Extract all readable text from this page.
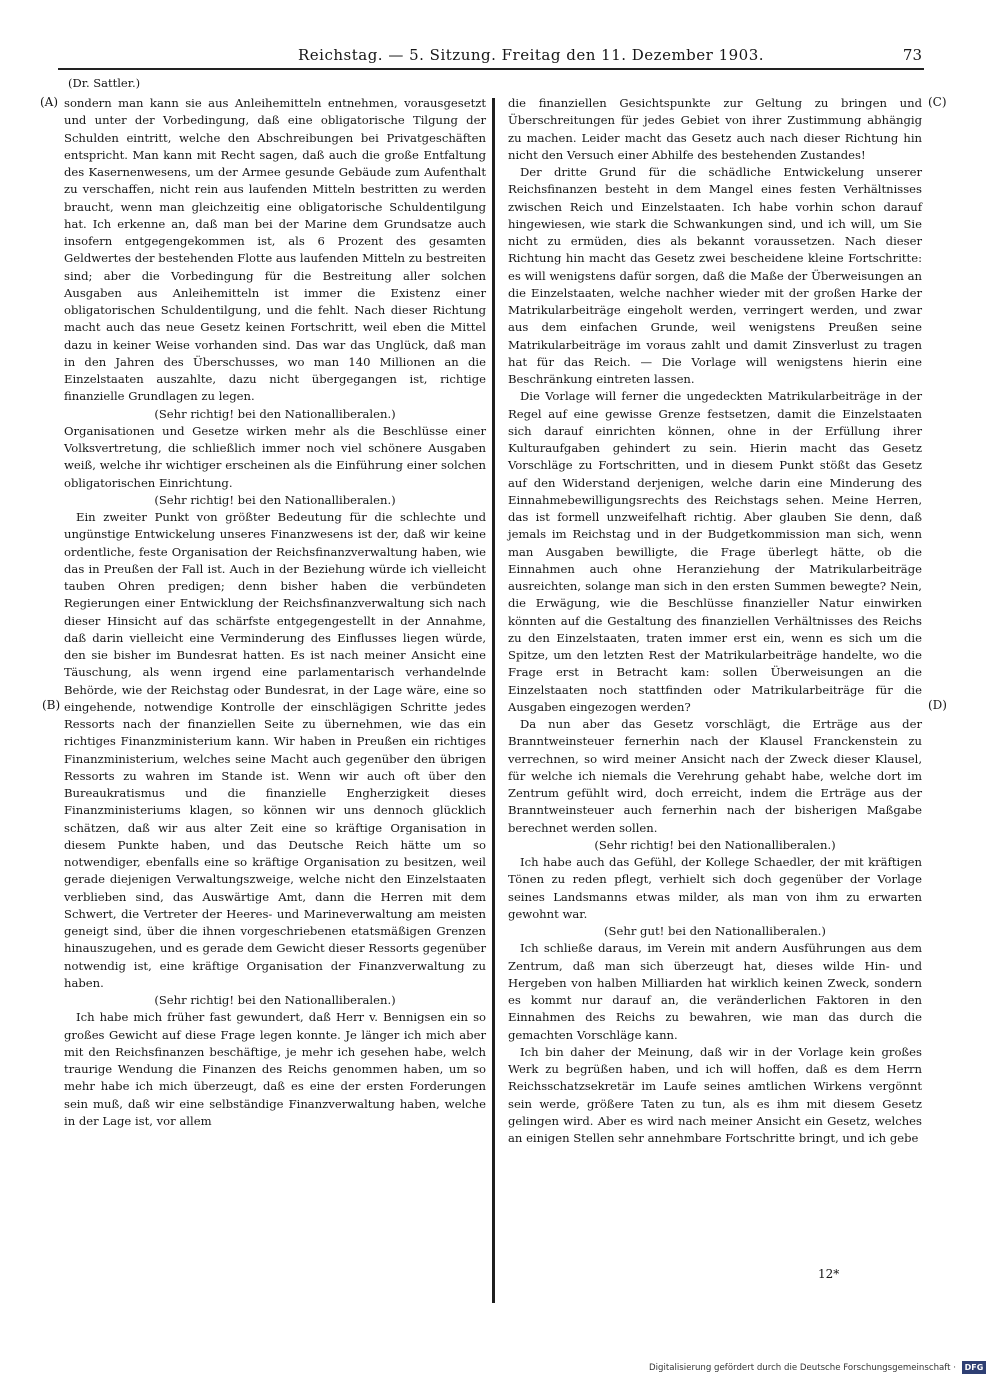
Reichstag. — 5. Sitzung. Freitag den 11. Dezember 1903.	73
(Dr. Sattler.)
(A)
(B)
(C)
(D)

sondern man kann sie aus Anleihemitteln entnehmen, vorausgesetzt und unter der Vorbedingung, daß eine obligatorische Tilgung der Schulden eintritt, welche den Abschreibungen bei Privatgeschäften entspricht. Man kann mit Recht sagen, daß auch die große Entfaltung des Kasernenwesens, um der Armee gesunde Gebäude zum Aufenthalt zu verschaffen, nicht rein aus laufenden Mitteln bestritten zu werden braucht, wenn man gleichzeitig eine obligatorische Schuldentilgung hat. Ich erkenne an, daß man bei der Marine dem Grundsatze auch insofern entgegengekommen ist, als 6 Prozent des gesamten Geldwertes der bestehenden Flotte aus laufenden Mitteln zu bestreiten sind; aber die Vorbedingung für die Bestreitung aller solchen Ausgaben aus Anleihemitteln ist immer die Existenz einer obligatorischen Schuldentilgung, und die fehlt. Nach dieser Richtung macht auch das neue Gesetz keinen Fortschritt, weil eben die Mittel dazu in keiner Weise vorhanden sind. Das war das Unglück, daß man in den Jahren des Überschusses, wo man 140 Millionen an die Einzelstaaten auszahlte, dazu nicht übergegangen ist, richtige finanzielle Grundlagen zu legen.

(Sehr richtig! bei den Nationalliberalen.)

Organisationen und Gesetze wirken mehr als die Beschlüsse einer Volksvertretung, die schließlich immer noch viel schönere Ausgaben weiß, welche ihr wichtiger erscheinen als die Einführung einer solchen obligatorischen Einrichtung.

(Sehr richtig! bei den Nationalliberalen.)

Ein zweiter Punkt von größter Bedeutung für die schlechte und ungünstige Entwickelung unseres Finanzwesens ist der, daß wir keine ordentliche, feste Organisation der Reichsfinanzverwaltung haben, wie das in Preußen der Fall ist. Auch in der Beziehung würde ich vielleicht tauben Ohren predigen; denn bisher haben die verbündeten Regierungen einer Entwicklung der Reichsfinanzverwaltung sich nach dieser Hinsicht auf das schärfste entgegengestellt in der Annahme, daß darin vielleicht eine Verminderung des Einflusses liegen würde, den sie bisher im Bundesrat hatten. Es ist nach meiner Ansicht eine Täuschung, als wenn irgend eine parlamentarisch verhandelnde Behörde, wie der Reichstag oder Bundesrat, in der Lage wäre, eine so eingehende, notwendige Kontrolle der einschlägigen Schritte jedes Ressorts nach der finanziellen Seite zu übernehmen, wie das ein richtiges Finanzministerium kann. Wir haben in Preußen ein richtiges Finanzministerium, welches seine Macht auch gegenüber den übrigen Ressorts zu wahren im Stande ist. Wenn wir auch oft über den Bureaukratismus und die finanzielle Engherzigkeit dieses Finanzministeriums klagen, so können wir uns dennoch glücklich schätzen, daß wir aus alter Zeit eine so kräftige Organisation in diesem Punkte haben, und das Deutsche Reich hätte um so notwendiger, ebenfalls eine so kräftige Organisation zu besitzen, weil gerade diejenigen Verwaltungszweige, welche nicht den Einzelstaaten verblieben sind, das Auswärtige Amt, dann die Herren mit dem Schwert, die Vertreter der Heeres- und Marineverwaltung am meisten geneigt sind, über die ihnen vorgeschriebenen etatsmäßigen Grenzen hinauszugehen, und es gerade dem Gewicht dieser Ressorts gegenüber notwendig ist, eine kräftige Organisation der Finanzverwaltung zu haben.

(Sehr richtig! bei den Nationalliberalen.)

Ich habe mich früher fast gewundert, daß Herr v. Bennigsen ein so großes Gewicht auf diese Frage legen konnte. Je länger ich mich aber mit den Reichsfinanzen beschäftige, je mehr ich gesehen habe, welch traurige Wendung die Finanzen des Reichs genommen haben, um so mehr habe ich mich überzeugt, daß es eine der ersten Forderungen sein muß, daß wir eine selbständige Finanzverwaltung haben, welche in der Lage ist, vor allem

die finanziellen Gesichtspunkte zur Geltung zu bringen und Überschreitungen für jedes Gebiet von ihrer Zustimmung abhängig zu machen. Leider macht das Gesetz auch nach dieser Richtung hin nicht den Versuch einer Abhilfe des bestehenden Zustandes!

Der dritte Grund für die schädliche Entwickelung unserer Reichsfinanzen besteht in dem Mangel eines festen Verhältnisses zwischen Reich und Einzelstaaten. Ich habe vorhin schon darauf hingewiesen, wie stark die Schwankungen sind, und ich will, um Sie nicht zu ermüden, dies als bekannt voraussetzen. Nach dieser Richtung hin macht das Gesetz zwei bescheidene kleine Fortschritte: es will wenigstens dafür sorgen, daß die Maße der Überweisungen an die Einzelstaaten, welche nachher wieder mit der großen Harke der Matrikularbeiträge eingeholt werden, verringert werden, und zwar aus dem einfachen Grunde, weil wenigstens Preußen seine Matrikularbeiträge im voraus zahlt und damit Zinsverlust zu tragen hat für das Reich. — Die Vorlage will wenigstens hierin eine Beschränkung eintreten lassen.

Die Vorlage will ferner die ungedeckten Matrikularbeiträge in der Regel auf eine gewisse Grenze festsetzen, damit die Einzelstaaten sich darauf einrichten können, ohne in der Erfüllung ihrer Kulturaufgaben gehindert zu sein. Hierin macht das Gesetz Vorschläge zu Fortschritten, und in diesem Punkt stößt das Gesetz auf den Widerstand derjenigen, welche darin eine Minderung des Einnahmebewilligungsrechts des Reichstags sehen. Meine Herren, das ist formell unzweifelhaft richtig. Aber glauben Sie denn, daß jemals im Reichstag und in der Budgetkommission man sich, wenn man Ausgaben bewilligte, die Frage überlegt hätte, ob die Einnahmen auch ohne Heranziehung der Matrikularbeiträge ausreichten, solange man sich in den ersten Summen bewegte? Nein, die Erwägung, wie die Beschlüsse finanzieller Natur einwirken könnten auf die Gestaltung des finanziellen Verhältnisses des Reichs zu den Einzelstaaten, traten immer erst ein, wenn es sich um die Spitze, um den letzten Rest der Matrikularbeiträge handelte, wo die Frage erst in Betracht kam: sollen Überweisungen an die Einzelstaaten noch stattfinden oder Matrikularbeiträge für die Ausgaben eingezogen werden?

Da nun aber das Gesetz vorschlägt, die Erträge aus der Branntweinsteuer fernerhin nach der Klausel Franckenstein zu verrechnen, so wird meiner Ansicht nach der Zweck dieser Klausel, für welche ich niemals die Verehrung gehabt habe, welche dort im Zentrum gefühlt wird, doch erreicht, indem die Erträge aus der Branntweinsteuer auch fernerhin nach der bisherigen Maßgabe berechnet werden sollen.

(Sehr richtig! bei den Nationalliberalen.)

Ich habe auch das Gefühl, der Kollege Schaedler, der mit kräftigen Tönen zu reden pflegt, verhielt sich doch gegenüber der Vorlage seines Landsmanns etwas milder, als man von ihm zu erwarten gewohnt war.

(Sehr gut! bei den Nationalliberalen.)

Ich schließe daraus, im Verein mit andern Ausführungen aus dem Zentrum, daß man sich überzeugt hat, dieses wilde Hin- und Hergeben von halben Milliarden hat wirklich keinen Zweck, sondern es kommt nur darauf an, die veränderlichen Faktoren in den Einnahmen des Reichs zu bewahren, wie man das durch die gemachten Vorschläge kann.

Ich bin daher der Meinung, daß wir in der Vorlage kein großes Werk zu begrüßen haben, und ich will hoffen, daß es dem Herrn Reichsschatzsekretär im Laufe seines amtlichen Wirkens vergönnt sein werde, größere Taten zu tun, als es ihm mit diesem Gesetz gelingen wird. Aber es wird nach meiner Ansicht ein Gesetz, welches an einigen Stellen sehr annehmbare Fortschritte bringt, und ich gebe

12*
Digitalisierung gefördert durch die Deutsche Forschungsgemeinschaft ·	DFG
